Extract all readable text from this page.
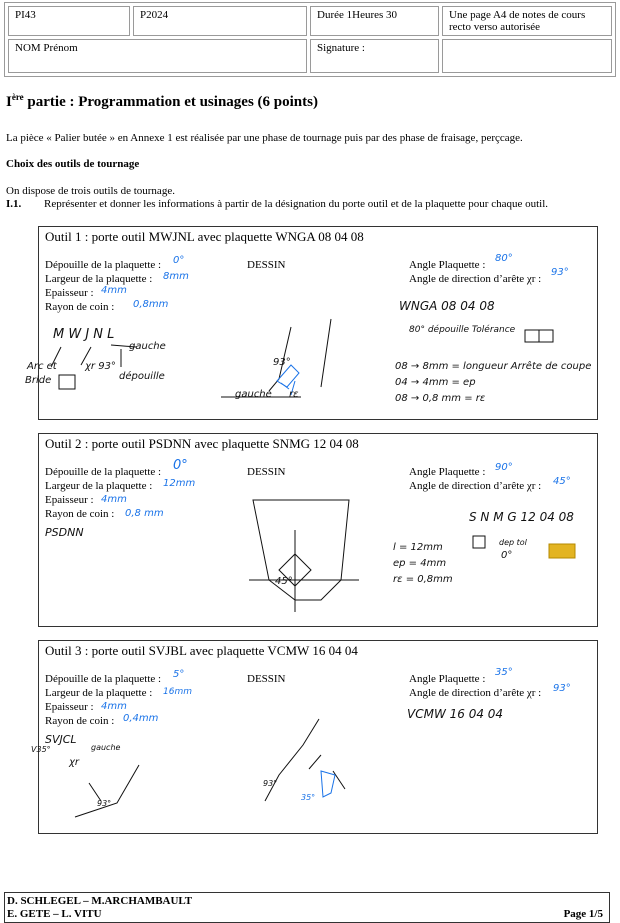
PI43	P2024	Durée 1Heures 30	Une page A4 de notes de cours recto verso autorisée
NOM Prénom		Signature :	
Ière partie : Programmation et usinages (6 points)
La pièce « Palier butée » en Annexe 1 est réalisée par une phase de tournage puis par des phase de fraisage, perçcage.
Choix des outils de tournage
On dispose de trois outils de tournage.
I.1. Représenter et donner les informations à partir de la désignation du porte outil et de la plaquette pour chaque outil.
Outil 1 : porte outil MWJNL avec plaquette WNGA 08 04 08
Dépouille de la plaquette : 0°
Largeur de la plaquette : 8mm
Epaisseur : 4mm
Rayon de coin : 0,8mm
DESSIN	Angle Plaquette :
80°
Angle de direction d’arête χr :
93°
M W J N L
Arc et
Bride
χr 93°
gauche
dépouille
93°
gauche rε
WNGA 08 04 08
80° dépouille Tolérance
08 → 8mm = longueur Arrête de coupe
04 → 4mm = ep
08 → 0,8 mm = rε
Outil 2 : porte outil PSDNN avec plaquette SNMG 12 04 08
Dépouille de la plaquette : 0°
Largeur de la plaquette : 12mm
Epaisseur : 4mm
Rayon de coin : 0,8 mm
DESSIN	Angle Plaquette : 90°
Angle de direction d’arête χr : 45°
PSDNN
45°
S N M G 12 04 08
l = 12mm
ep = 4mm
rε = 0,8mm
dep tol
0°
Outil 3 : porte outil SVJBL avec plaquette VCMW 16 04 04
Dépouille de la plaquette : 5°
Largeur de la plaquette : 16mm
Epaisseur : 4mm
Rayon de coin : 0,4mm
DESSIN	Angle Plaquette :
35°
Angle de direction d’arête χr : 93°
SVJCL
V35°
χr
gauche
93°
93°
35°
VCMW 16 04 04
D. SCHLEGEL – M.ARCHAMBAULT
E. GETE – L. VITU	Page 1/5
